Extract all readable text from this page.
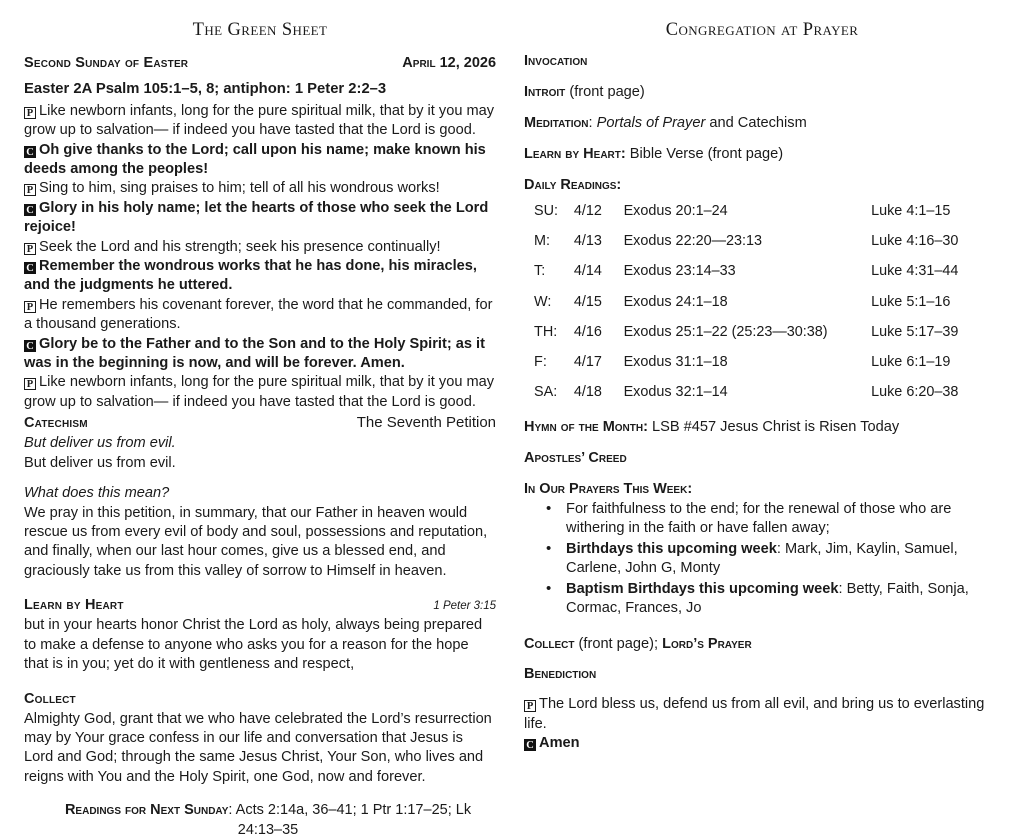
The Green Sheet
Second Sunday of Easter	April 12, 2026
Easter 2A Psalm 105:1–5, 8; antiphon: 1 Peter 2:2–3

P Like newborn infants, long for the pure spiritual milk, that by it you may grow up to salvation— if indeed you have tasted that the Lord is good.

C Oh give thanks to the Lord; call upon his name; make known his deeds among the peoples!

P Sing to him, sing praises to him; tell of all his wondrous works!

C Glory in his holy name; let the hearts of those who seek the Lord rejoice!

P Seek the Lord and his strength; seek his presence continually!

C Remember the wondrous works that he has done, his miracles, and the judgments he uttered.

P He remembers his covenant forever, the word that he commanded, for a thousand generations.

C Glory be to the Father and to the Son and to the Holy Spirit; as it was in the beginning is now, and will be forever. Amen.

P Like newborn infants, long for the pure spiritual milk, that by it you may grow up to salvation— if indeed you have tasted that the Lord is good.

Catechism	The Seventh Petition

But deliver us from evil.

But deliver us from evil.

What does this mean?

We pray in this petition, in summary, that our Father in heaven would rescue us from every evil of body and soul, possessions and reputation, and finally, when our last hour comes, give us a blessed end, and graciously take us from this valley of sorrow to Himself in heaven.

Learn by Heart	1 Peter 3:15

but in your hearts honor Christ the Lord as holy, always being prepared to make a defense to anyone who asks you for a reason for the hope that is in you; yet do it with gentleness and respect,

Collect

Almighty God, grant that we who have celebrated the Lord’s resurrection may by Your grace confess in our life and conversation that Jesus is Lord and God; through the same Jesus Christ, Your Son, who lives and reigns with You and the Holy Spirit, one God, now and forever.

Readings for Next Sunday: Acts 2:14a, 36–41; 1 Ptr 1:17–25; Lk 24:13–35
Congregation at Prayer

Invocation

Introit (front page)

Meditation: Portals of Prayer and Catechism

Learn by Heart: Bible Verse (front page)

Daily Readings:

SU:	4/12	Exodus 20:1–24	Luke 4:1–15
M:	4/13	Exodus 22:20—23:13	Luke 4:16–30
T:	4/14	Exodus 23:14–33	Luke 4:31–44
W:	4/15	Exodus 24:1–18	Luke 5:1–16
TH:	4/16	Exodus 25:1–22 (25:23—30:38)	Luke 5:17–39
F:	4/17	Exodus 31:1–18	Luke 6:1–19
SA:	4/18	Exodus 32:1–14	Luke 6:20–38

Hymn of the Month: LSB #457 Jesus Christ is Risen Today

Apostles’ Creed

In Our Prayers This Week:

• For faithfulness to the end; for the renewal of those who are withering in the faith or have fallen away;
• Birthdays this upcoming week: Mark, Jim, Kaylin, Samuel, Carlene, John G, Monty
• Baptism Birthdays this upcoming week: Betty, Faith, Sonja, Cormac, Frances, Jo

Collect (front page); Lord’s Prayer

Benediction

P The Lord bless us, defend us from all evil, and bring us to everlasting life.

C Amen
